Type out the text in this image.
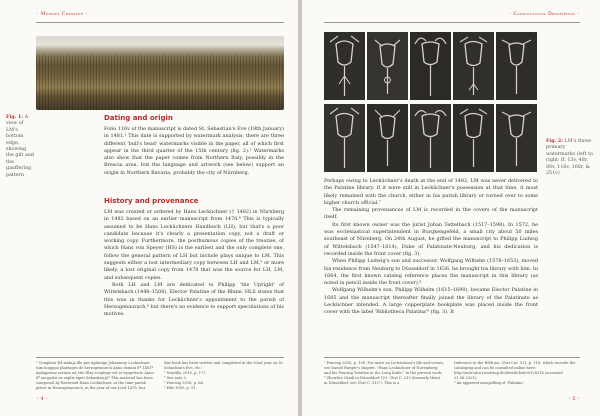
◦ Michael Chesster ◦
Fig. 1: A view of LM's bottom edge, showing the gilt and the gauffering pattern
Dating and origin

Folio 116v of the manuscript is dated St. Sebastian's Eve (19th January) in 1481.² This date is supported by watermark analysis; there are three different 'bull's head' watermarks visible in the paper, all of which first appear in the third quarter of the 15th century (fig. 2).³ Watermarks also show that the paper comes from Northern Italy, possibly in the Brescia area, but the language and artwork (see below) support an origin in Northern Bavaria, probably the city of Nürnberg.

History and provenance

LM was created or ordered by Hans Lecküchner († 1482) in Nürnberg in 1482 based on an earlier manuscript from 1478.⁴ This is typically assumed to be Hans Lecküchners Handbuch (LH), but that's a poor candidate because it's clearly a presentation copy, not a draft or working copy. Furthermore, the posthumous copies of the treatise, of which Hans von Speyer (HS) is the earliest and the only complete one, follow the general pattern of LH but include plays unique to LM. This suggests either a lost intermediary copy between LH and LM,⁵ or more likely, a lost original copy from 1478 that was the source for LH, LM, and subsequent copies.

Both LH and LM are dedicated to Philipp 'the Upright' of Wittelsbach (1448–1508), Elector Palatine of the Rhine. HLS states that this was in thanks for Lecküchner's appointment to the parish of Herzogenaurach,⁶ but there's no evidence to support speculations of his motives.

² Completu Ed maluja ille par Aplatuge Johannesy Leckuchner tam iungquo plateages de herzogenaurch Anno domini 8º 1481º mplagesine scriuse ad vite Illay sceptoge vel et egopriticte Anno 8º iacquobs ex vigilis egeti Sebastian.pl¹ This material has been composed by Reverend Hans Lecküchner, at the time parish priest in Herzogenaurach, in the year of our Lord 1478, but
this book has been written and completed in the 82nd year on St. Sebastian's Eve, etc.'
³ Scintilla 2016, p. 177.
⁴ See note 3.
⁵ Fencing 2016, p. 66.
⁶ Hils 1985, p. 91.
◦ 4 ◦
◦ Codicological Description ◦
Fig. 2: LM's three primary watermarks (left to right: ff. 13v, 48r, 88v, 116v, 168r, & 251v)

Perhaps owing to Lecküchner's death at the end of 1482, LM was never delivered to the Palatine library. If it were still in Lecküchner's possession at that time, it most likely remained with the church, either in his parish library or turned over to some higher church official.⁷

The remaining provenances of LM is recorded in the covers of the manuscript itself.

Its first known owner was the jurist Johan Tettelbach (1517–1598). In 1572, he was ecclesiastical superintendent in Burgkengefeld, a small city about 50 miles southeast of Nürnberg. On 24th August, he gifted the manuscript to Philipp Ludwig of Wittelsbach (1547–1614), Duke of Palatinate-Neuburg, and his dedication is recorded inside the front cover (fig. 3).

When Philipp Ludwig's son and successor, Wolfgang Wilhelm (1578–1653), moved his residence from Neuburg to Düsseldorf in 1636, he brought his library with him. In 1664, the first known catalog reference places the manuscript in this library (as noted in pencil inside the front cover).⁸

Wolfgang Wilhelm's son, Philipp Wilhelm (1615–1690), became Elector Palatine in 1685 and the manuscript thereafter finally joined the library of the Palatinate as Lecküchner intended. A large copperplate bookplate was placed inside the front cover with the label 'Bibliotheca Palatina'⁹ (fig. 3). It

⁷ Fencing 2016, p. 108. For more on Lecküchner's life and verses, see Daniel Burger's chapter, "Hans Lecküchner of Nuremberg and his Fencing Treatise in the Long Knife," in the present work.
⁸ Zhowlicz Gradi in Düsseldorf 1(t). Chrt C. 213 (formerly Hem) in Düsseldorf, see Chrt C. 315"). This is a
reference to the RHB ms. Chrt Cat. 511, p. 116, which records the cataloging and can be consulted online here:
http://mdz-nbn-resolving.de/details:bsb00128314 (accessed 21.08.2021).
⁹ An apparent misspelling of 'Palatina'.
◦ 5 ◦
